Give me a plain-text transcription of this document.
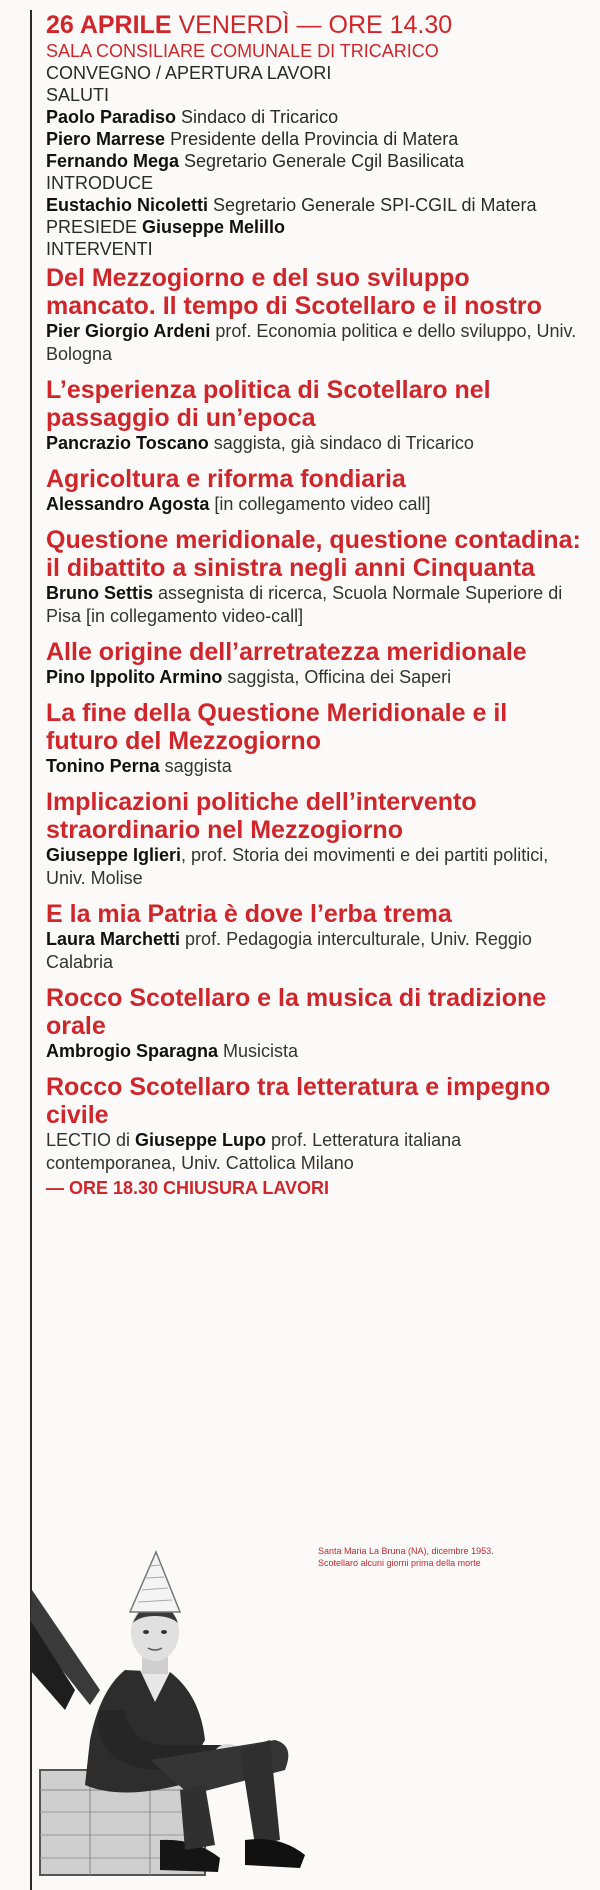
26 APRILE VENERDÌ — ORE 14.30
SALA CONSILIARE COMUNALE DI TRICARICO
CONVEGNO / APERTURA LAVORI
SALUTI
Paolo Paradiso Sindaco di Tricarico
Piero Marrese Presidente della Provincia di Matera
Fernando Mega Segretario Generale Cgil Basilicata
INTRODUCE
Eustachio Nicoletti Segretario Generale SPI-CGIL di Matera
PRESIEDE Giuseppe Melillo
INTERVENTI
Del Mezzogiorno e del suo sviluppo mancato. Il tempo di Scotellaro e il nostro
Pier Giorgio Ardeni prof. Economia politica e dello sviluppo, Univ. Bologna
L’esperienza politica di Scotellaro nel passaggio di un’epoca
Pancrazio Toscano saggista, già sindaco di Tricarico
Agricoltura e riforma fondiaria
Alessandro Agosta [in collegamento video call]
Questione meridionale, questione contadina: il dibattito a sinistra negli anni Cinquanta
Bruno Settis assegnista di ricerca, Scuola Normale Superiore di Pisa [in collegamento video-call]
Alle origine dell’arretratezza meridionale
Pino Ippolito Armino saggista, Officina dei Saperi
La fine della Questione Meridionale e il futuro del Mezzogiorno
Tonino Perna saggista
Implicazioni politiche dell’intervento straordinario nel Mezzogiorno
Giuseppe Iglieri, prof. Storia dei movimenti e dei partiti politici, Univ. Molise
E la mia Patria è dove l’erba trema
Laura Marchetti prof. Pedagogia interculturale, Univ. Reggio Calabria
Rocco Scotellaro e la musica di tradizione orale
Ambrogio Sparagna Musicista
Rocco Scotellaro tra letteratura e impegno civile
LECTIO di Giuseppe Lupo prof. Letteratura italiana contemporanea, Univ. Cattolica Milano
— ORE 18.30 CHIUSURA LAVORI
Santa Maria La Bruna (NA), dicembre 1953. Scotellaro alcuni giorni prima della morte
